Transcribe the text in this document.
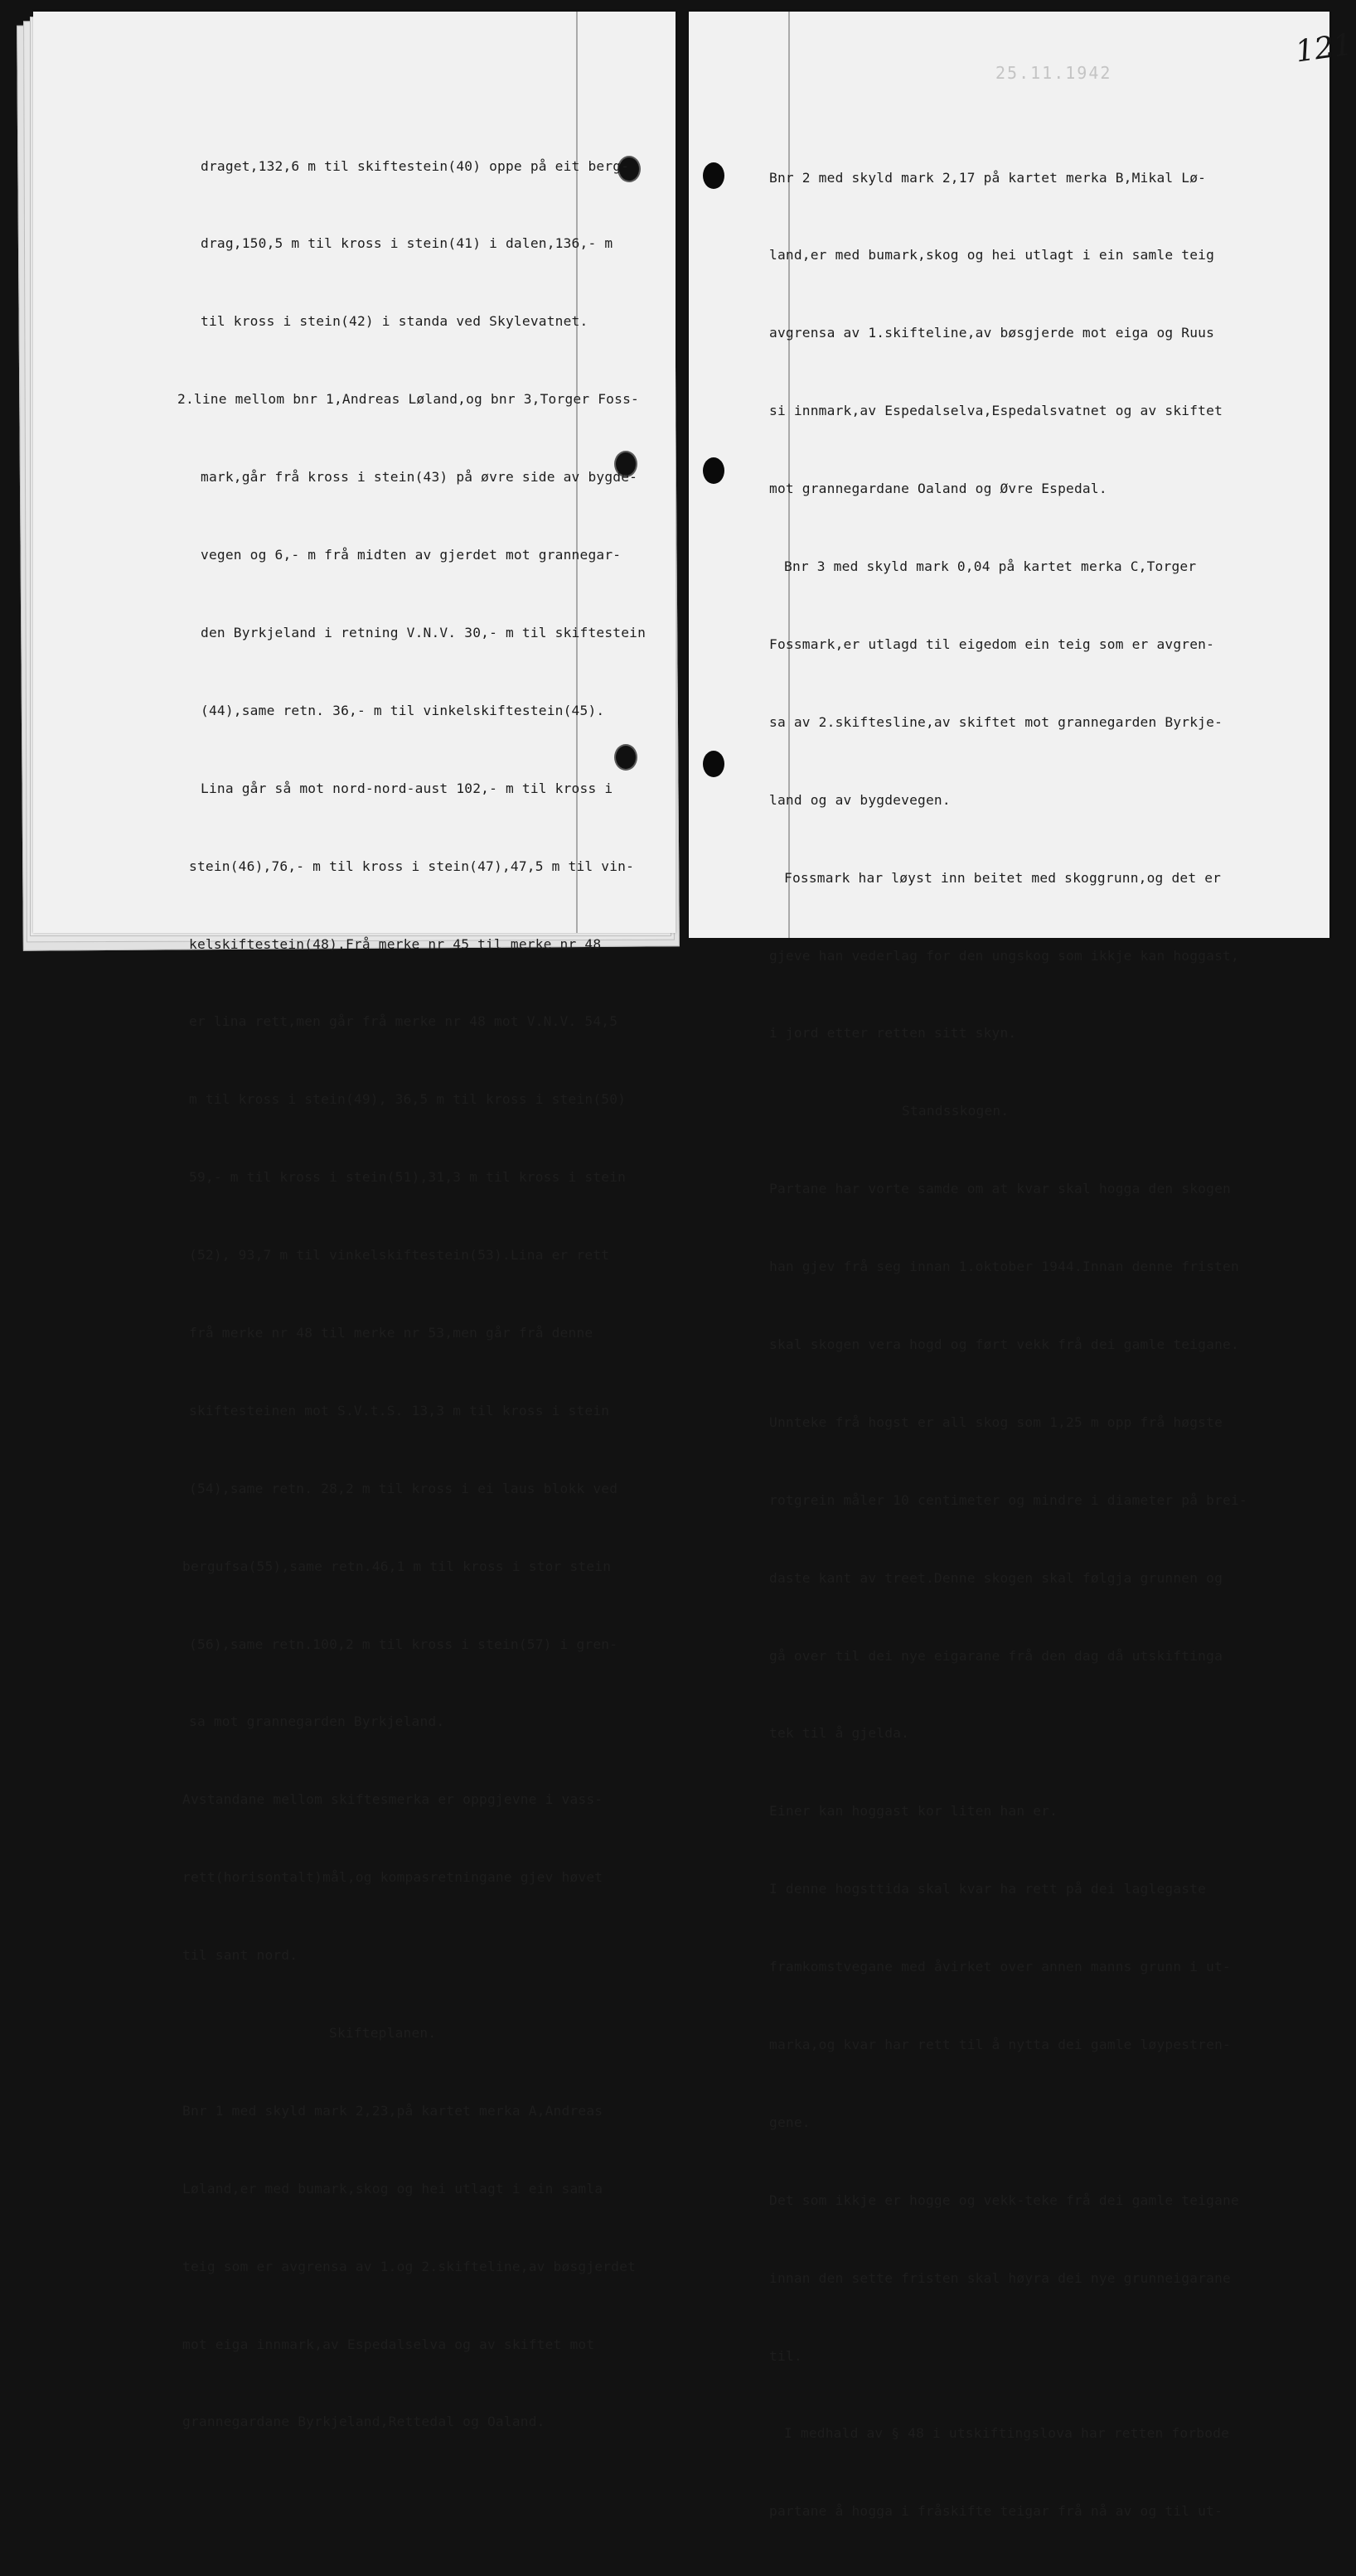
draget,132,6 m til skiftestein(40) oppe på eit berg-

drag,150,5 m til kross i stein(41) i dalen,136,- m

til kross i stein(42) i standa ved Skylevatnet.

2.line mellom bnr 1,Andreas Løland,og bnr 3,Torger Foss-

mark,går frå kross i stein(43) på øvre side av bygde-

vegen og 6,- m frå midten av gjerdet mot grannegar-

den Byrkjeland i retning V.N.V. 30,- m til skiftestein

(44),same retn. 36,- m til vinkelskiftestein(45).

Lina går så mot nord-nord-aust 102,- m til kross i

stein(46),76,- m til kross i stein(47),47,5 m til vin-

kelskiftestein(48).Frå merke nr 45 til merke nr 48

er lina rett,men går frå merke nr 48 mot V.N.V. 54,5

m til kross i stein(49), 36,5 m til kross i stein(50)

59,- m til kross i stein(51),31,3 m til kross i stein

(52), 93,7 m til vinkelskiftestein(53).Lina er rett

frå merke nr 48 til merke nr 53,men går frå denne

skiftesteinen mot S.V.t.S. 13,3 m til kross i stein

(54),same retn. 28,2 m til kross i ei laus blokk ved

bergufsa(55),same retn.46,1 m til kross i stor stein

(56),same retn.100,2 m til kross i stein(57) i gren-

sa mot grannegarden Byrkjeland.

Avstandane mellom skiftesmerka er oppgjevne i vass-

rett(horisontalt)mål,og kompasretningane gjev høvet

til sant nord.

Skifteplanen.

Bnr 1 med skyld mark 2,23,på kartet merka A,Andreas

Løland,er med bumark,skog og hei utlagt i ein samla

teig som er avgrensa av 1.og 2.skifteline,av bøsgjerdet

mot eiga innmark,av Espedalselva og av skiftet mot

grannegardane Byrkjeland,Rettedal og Oaland.

25.11.1942
121

Bnr 2 med skyld mark 2,17 på kartet merka B,Mikal Lø-

land,er med bumark,skog og hei utlagt i ein samle teig

avgrensa av 1.skifteline,av bøsgjerde mot eiga og Ruus

si innmark,av Espedalselva,Espedalsvatnet og av skiftet

mot grannegardane Oaland og Øvre Espedal.

Bnr 3 med skyld mark 0,04 på kartet merka C,Torger

Fossmark,er utlagd til eigedom ein teig som er avgren-

sa av 2.skiftesline,av skiftet mot grannegarden Byrkje-

land og av bygdevegen.

Fossmark har løyst inn beitet med skoggrunn,og det er

gjeve han vederlag for den ungskog som ikkje kan hoggast,

i jord etter retten sitt skyn.

Standsskogen.

Partane har vorte samde om at kvar skal hogga den skogen

han gjev frå seg innan 1.oktober 1944.Innan denne fristen

skal skogen vera hogd og ført vekk frå dei gamle teigane.

Unnteke frå hogst er all skog som 1,25 m opp frå høgste

rotgrein måler 10 centimeter og mindre i diameter på brei-

daste kant av treet.Denne skogen skal følgja grunnen og

gå over til dei nye eigarane frå den dag då utskiftinga

tek til å gjelda.

Einer kan hoggast kor liten han er.

I denne hogsttida skal kvar ha rett på dei laglegaste

framkomstvegane med åvirket over annen manns grunn i ut-

marka,og kvar har rett til å nytta dei gamle løypestren-

gene.

Det som ikkje er hogge og vekk-teke frå dei gamle teigane

innan den sette fristen skal høyra dei nye grunneigarane

til.

I medhald av § 48 i utskiftingslova har retten forbode

partane å hogga i fråskifte teigar frå nå av og til ut-
